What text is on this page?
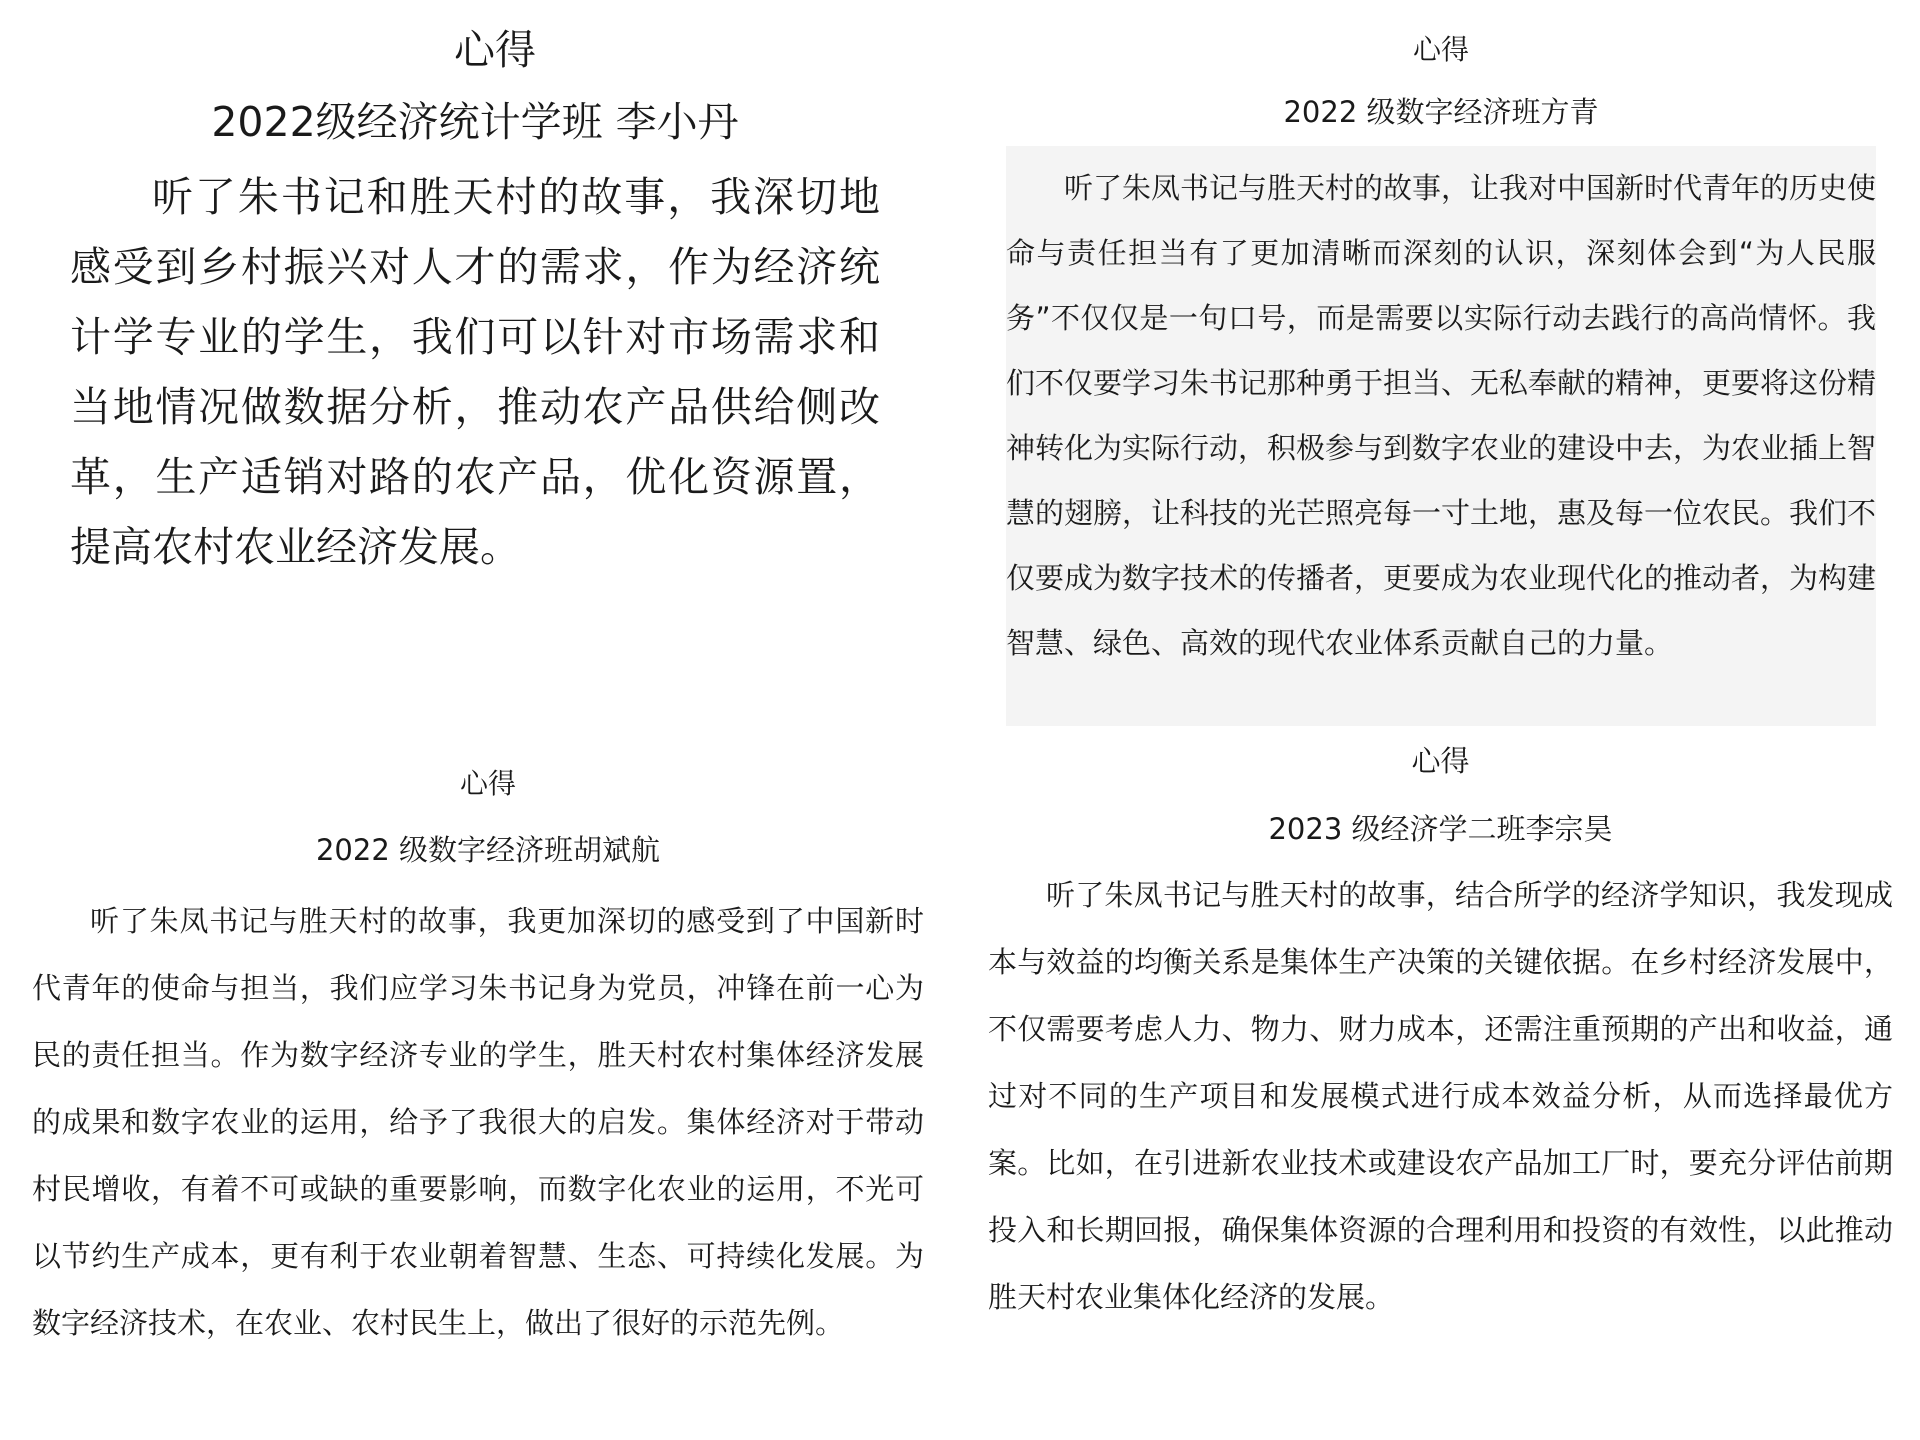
心得
2022级经济统计学班 李小丹

听了朱书记和胜天村的故事，我深切地感受到乡村振兴对人才的需求，作为经济统计学专业的学生，我们可以针对市场需求和当地情况做数据分析，推动农产品供给侧改革，生产适销对路的农产品，优化资源置，提高农村农业经济发展。

心得
2022 级数字经济班方青

听了朱凤书记与胜天村的故事，让我对中国新时代青年的历史使命与责任担当有了更加清晰而深刻的认识，深刻体会到“为人民服务”不仅仅是一句口号，而是需要以实际行动去践行的高尚情怀。我们不仅要学习朱书记那种勇于担当、无私奉献的精神，更要将这份精神转化为实际行动，积极参与到数字农业的建设中去，为农业插上智慧的翅膀，让科技的光芒照亮每一寸土地，惠及每一位农民。我们不仅要成为数字技术的传播者，更要成为农业现代化的推动者，为构建智慧、绿色、高效的现代农业体系贡献自己的力量。

心得
2022 级数字经济班胡斌航

听了朱凤书记与胜天村的故事，我更加深切的感受到了中国新时代青年的使命与担当，我们应学习朱书记身为党员，冲锋在前一心为民的责任担当。作为数字经济专业的学生，胜天村农村集体经济发展的成果和数字农业的运用，给予了我很大的启发。集体经济对于带动村民增收，有着不可或缺的重要影响，而数字化农业的运用，不光可以节约生产成本，更有利于农业朝着智慧、生态、可持续化发展。为数字经济技术，在农业、农村民生上，做出了很好的示范先例。

心得
2023 级经济学二班李宗昊

听了朱凤书记与胜天村的故事，结合所学的经济学知识，我发现成本与效益的均衡关系是集体生产决策的关键依据。在乡村经济发展中，不仅需要考虑人力、物力、财力成本，还需注重预期的产出和收益，通过对不同的生产项目和发展模式进行成本效益分析，从而选择最优方案。比如，在引进新农业技术或建设农产品加工厂时，要充分评估前期投入和长期回报，确保集体资源的合理利用和投资的有效性，以此推动胜天村农业集体化经济的发展。
